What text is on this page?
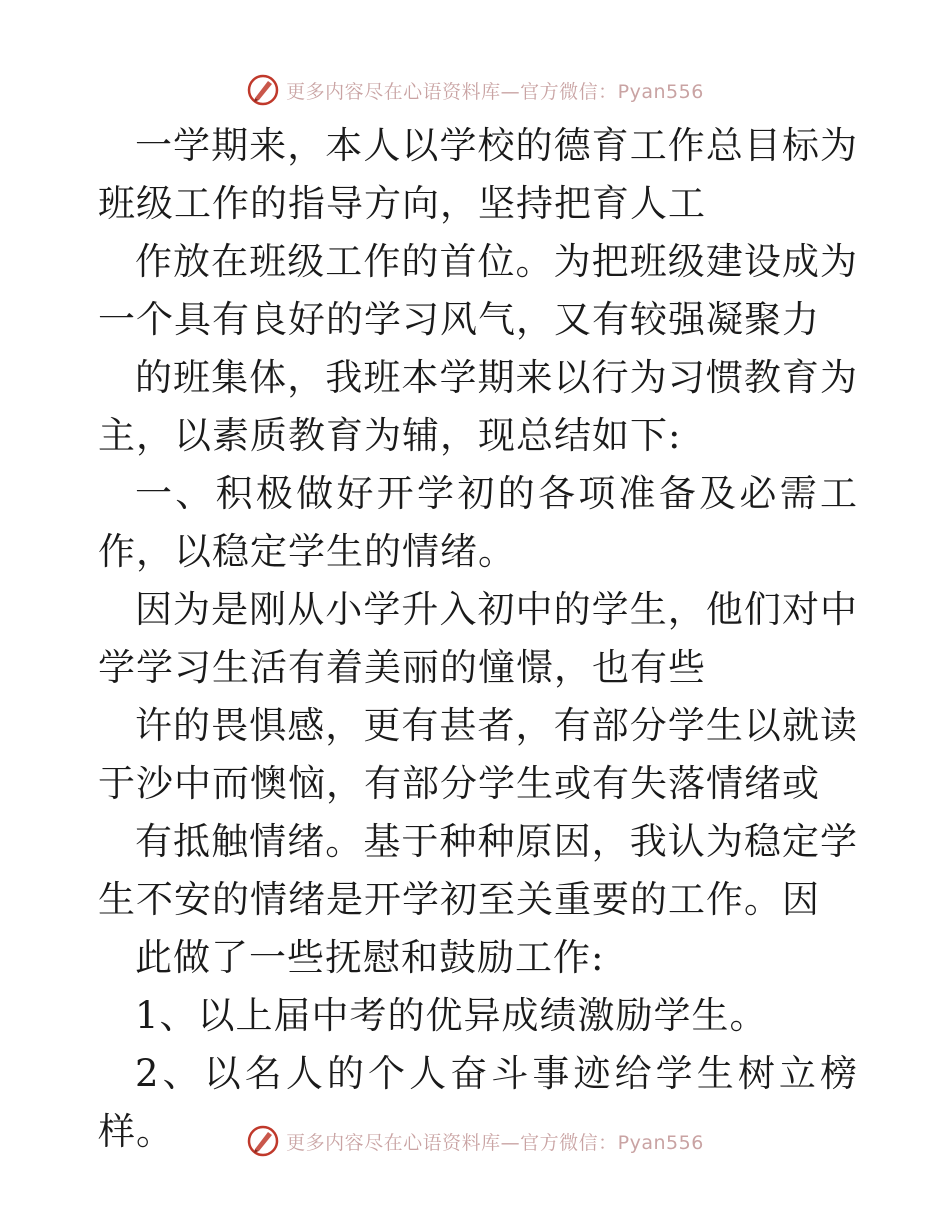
更多内容尽在心语资料库—官方微信：Pyan556

一学期来，本人以学校的德育工作总目标为班级工作的指导方向，坚持把育人工

作放在班级工作的首位。为把班级建设成为一个具有良好的学习风气，又有较强凝聚力

的班集体，我班本学期来以行为习惯教育为主，以素质教育为辅，现总结如下:

一、积极做好开学初的各项准备及必需工作，以稳定学生的情绪。

因为是刚从小学升入初中的学生，他们对中学学习生活有着美丽的憧憬，也有些

许的畏惧感，更有甚者，有部分学生以就读于沙中而懊恼，有部分学生或有失落情绪或

有抵触情绪。基于种种原因，我认为稳定学生不安的情绪是开学初至关重要的工作。因

此做了一些抚慰和鼓励工作:

1、以上届中考的优异成绩激励学生。

2、以名人的个人奋斗事迹给学生树立榜样。	更多内容尽在心语资料库—官方微信：Pyan556
